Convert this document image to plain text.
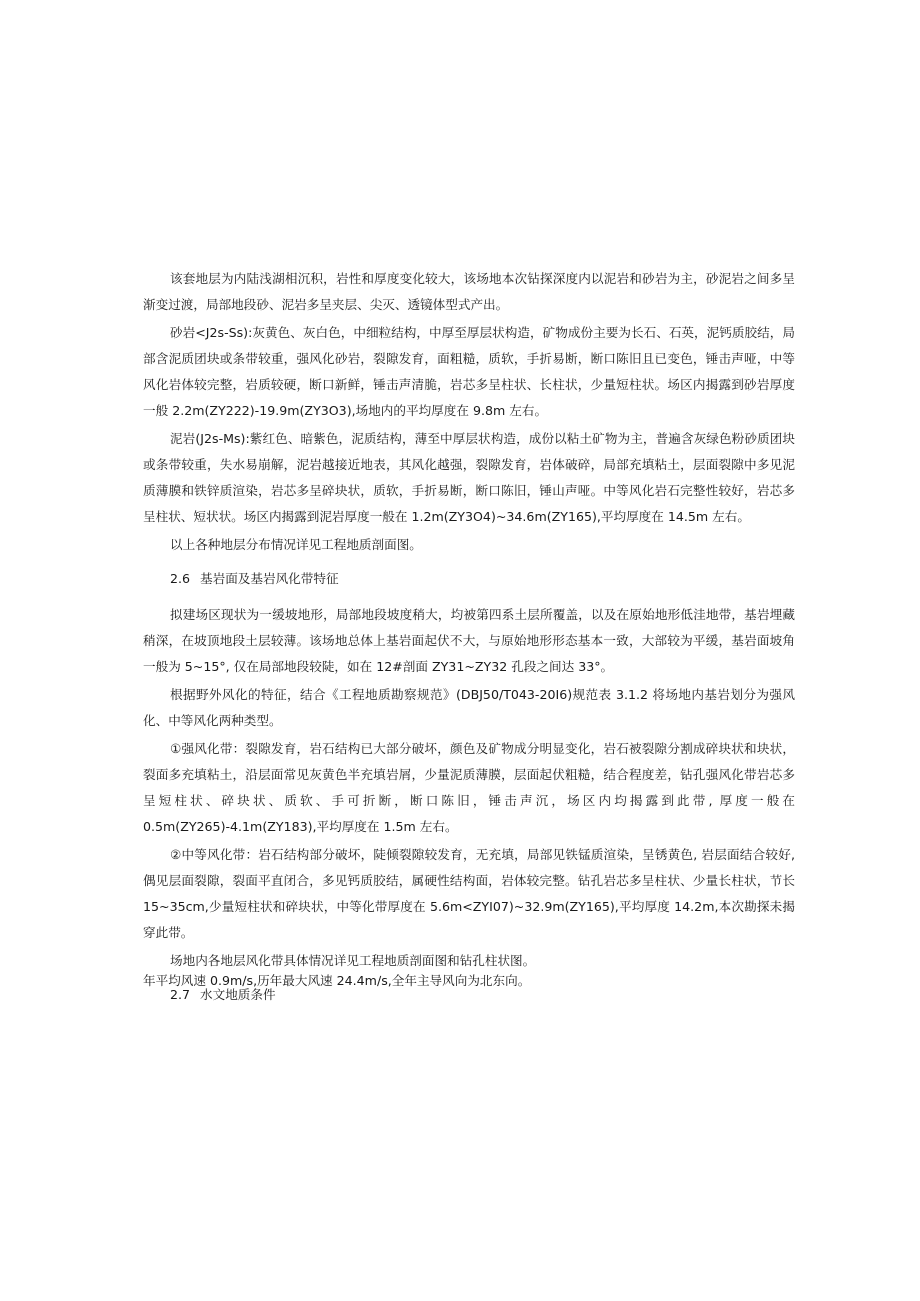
该套地层为内陆浅湖相沉积，岩性和厚度变化较大，该场地本次钻探深度内以泥岩和砂岩为主，砂泥岩之间多呈渐变过渡，局部地段砂、泥岩多呈夹层、尖灭、透镜体型式产出。

砂岩<J2s-Ss):灰黄色、灰白色，中细粒结构，中厚至厚层状构造，矿物成份主要为长石、石英，泥钙质胶结，局部含泥质团块或条带较重，强风化砂岩，裂隙发育，面粗糙，质软，手折易断，断口陈旧且已变色，锤击声哑，中等风化岩体较完整，岩质较硬，断口新鲜，锤击声清脆，岩芯多呈柱状、长柱状，少量短柱状。场区内揭露到砂岩厚度一般 2.2m(ZY222)-19.9m(ZY3O3),场地内的平均厚度在 9.8m 左右。

泥岩(J2s-Ms):紫红色、暗紫色，泥质结构，薄至中厚层状构造，成份以粘土矿物为主，普遍含灰绿色粉砂质团块或条带较重，失水易崩解，泥岩越接近地表，其风化越强，裂隙发育，岩体破碎，局部充填粘土，层面裂隙中多见泥质薄膜和铁锌质渲染，岩芯多呈碎块状，质软，手折易断，断口陈旧，锤山声哑。中等风化岩石完整性较好，岩芯多呈柱状、短状状。场区内揭露到泥岩厚度一般在 1.2m(ZY3O4)~34.6m(ZY165),平均厚度在 14.5m 左右。

以上各种地层分布情况详见工程地质剖面图。

2.6 基岩面及基岩风化带特征

拟建场区现状为一缓坡地形，局部地段坡度稍大，均被第四系土层所覆盖，以及在原始地形低洼地带，基岩埋藏稍深，在坡顶地段土层较薄。该场地总体上基岩面起伏不大，与原始地形形态基本一致，大部较为平缓，基岩面坡角一般为 5~15°, 仅在局部地段较陡，如在 12#剖面 ZY31~ZY32 孔段之间达 33°。

根据野外风化的特征，结合《工程地质勘察规范》(DBJ50/T043-20I6)规范表 3.1.2 将场地内基岩划分为强风化、中等风化两种类型。

①强风化带：裂隙发育，岩石结构已大部分破坏，颜色及矿物成分明显变化，岩石被裂隙分割成碎块状和块状，裂面多充填粘土，沿层面常见灰黄色半充填岩屑，少量泥质薄膜，层面起伏粗糙，结合程度差，钻孔强风化带岩芯多呈短柱状、碎块状、质软、手可折断，断口陈旧，锤击声沉，场区内均揭露到此带, 厚度一般在 0.5m(ZY265)-4.1m(ZY183),平均厚度在 1.5m 左右。

②中等风化带：岩石结构部分破坏，陡倾裂隙较发育，无充填，局部见铁锰质渲染，呈锈黄色, 岩层面结合较好, 偶见层面裂隙，裂面平直闭合，多见钙质胶结，属硬性结构面，岩体较完整。钻孔岩芯多呈柱状、少量长柱状，节长 15~35cm,少量短柱状和碎块状，中等化带厚度在 5.6m<ZYI07)~32.9m(ZY165),平均厚度 14.2m,本次勘探未揭穿此带。

场地内各地层风化带具体情况详见工程地质剖面图和钻孔柱状图。

2.7 水文地质条件

年平均风速 0.9m∕s,历年最大风速 24.4m∕s,全年主导风向为北东向。
